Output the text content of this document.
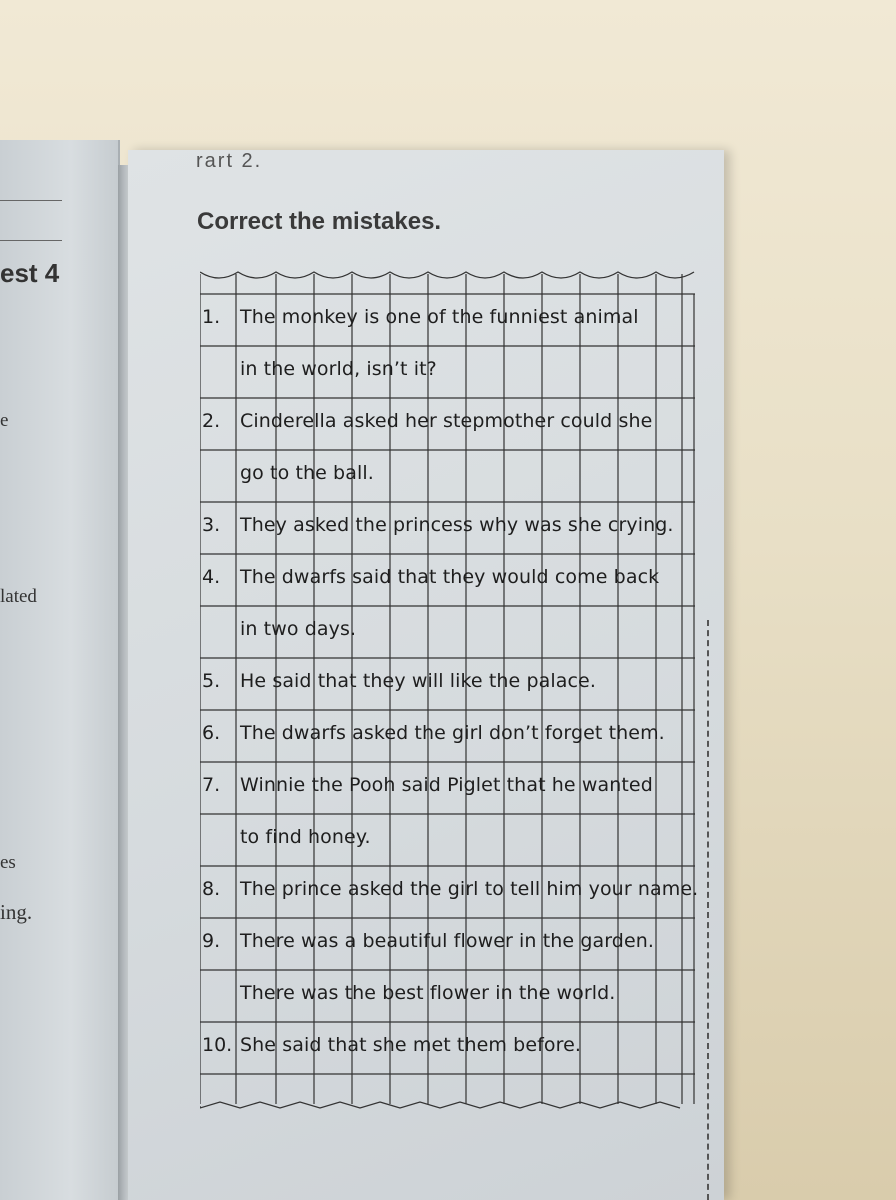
est 4
e
lated
es
ing.
rart 2.
Correct the mistakes.
1.	The monkey is one of the funniest animal
in the world, isn’t it?
2.	Cinderella asked her stepmother could she
go to the ball.
3.	They asked the princess why was she crying.
4.	The dwarfs said that they would come back
in two days.
5.	He said that they will like the palace.
6.	The dwarfs asked the girl don’t forget them.
7.	Winnie the Pooh said Piglet that he wanted
to find honey.
8.	The prince asked the girl to tell him your name.
9.	There was a beautiful flower in the garden.
There was the best flower in the world.
10. She said that she met them before.
